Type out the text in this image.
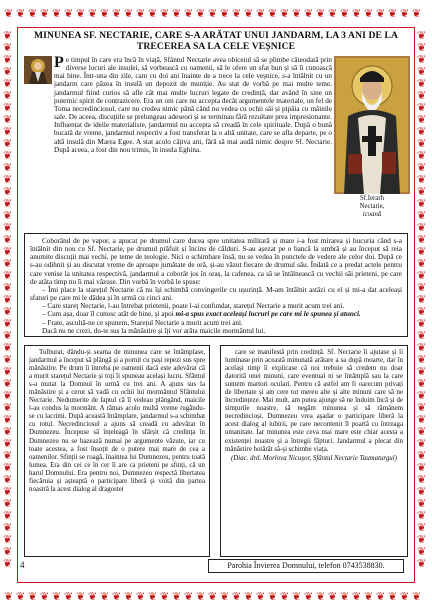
❦ ❦ ❦ ❦ ❦ ❦ ❦ ❦ ❦ ❦ ❦ ❦ ❦ ❦ ❦ ❦ ❦ ❦ ❦ ❦ ❦ ❦ ❦ ❦ ❦ ❦ ❦ ❦ ❦ ❦ ❦ ❦ ❦ ❦ ❦
❦ ❦ ❦ ❦ ❦ ❦ ❦ ❦ ❦ ❦ ❦ ❦ ❦ ❦ ❦ ❦ ❦ ❦ ❦ ❦ ❦ ❦ ❦ ❦ ❦ ❦ ❦ ❦ ❦ ❦ ❦ ❦ ❦ ❦ ❦
❦
❦
❦
❦
❦
❦
❦
❦
❦
❦
❦
❦
❦
❦
❦
❦
❦
❦
❦
❦
❦
❦
❦
❦
❦
❦
❦
❦
❦
❦
❦
❦
❦
❦
❦
❦
❦
❦
❦
❦
❦
❦
❦
❦
❦
❦
❦
❦
❦
❦
❦
❦
❦
❦
❦
❦
❦
❦
❦
❦
❦
❦
❦
❦
❦
❦
❦
❦
❦
❦
❦
❦
❦
❦
❦
❦
❦
❦
❦
❦
❦
❦
❦
❦
❦
❦
❦
❦
❦
❦
MINUNEA SF. NECTARIE, CARE S-A ARĂTAT UNUI JANDARM, LA 3 ANI DE LA TRECEREA SA LA CELE VEȘNICE

Pe timpul în care era încă în viață, Sfântul Nectarie avea obiceiul să se plimbe câteodată prin diverse locuri ale insulei, să vorbească cu oamenii, să le ofere un sfat bun și să îi cunoască mai bine. Într-una din zile, cam cu doi ani înainte de a trece la cele veșnice, s-a întâlnit cu un jandarm care păzea în insulă un depozit de muniție. Au stat de vorbă pe mai multe teme, jandarmul fiind curios să afle cât mai multe lucruri legate de credință, dar având în sine un puternic spirit de contrazicere. Era un om care nu accepta decât argumentele materiale, un fel de Toma necredinciosul, care nu credea nimic până când nu vedea cu ochii săi și pipăia cu mâinile sale. De aceea, discuțiile se prelungeau adeseori și se terminau fără rezultate prea impresionante. Influențat de ideile materialiste, jandarmul nu accepta să creadă în cele spirituale. După o bună bucată de vreme, jandarmul respectiv a fost transferat la o altă unitate, care se afla departe, pe o altă insulă din Marea Egee. A stat acolo câțiva ani, fără să mai audă nimic despre Sf. Nectarie. După aceea, a fost din nou trimis, în insula Eghina.

Sf.Ierarh
Nectarie,
icoană

Coborând de pe vapor, a apucat pe drumul care ducea spre unitatea militară și mare i-a fost mirarea și bucuria când s-a întâlnit din nou cu Sf. Nectarie, pe drumul prăfuit și încins de călduri. S-au așezat pe o bancă la umbră și au început să reia anumite discuții mai vechi, pe teme de teologie. Nici o schimbare însă, nu se vedea în punctele de vedere ale celor doi. După ce s-au odihnit și au discutat vreme de aproape jumătate de oră, și-au văzut fiecare de drumul său. Îndată ce a predat actele pentru care venise la unitatea respectivă, jandarmul a coborât jos în oraș, la cafenea, ca să se întâlnească cu vechii săi prieteni, pe care de atâta timp nu îi mai văzuse. Din vorbă în vorbă le spuse:

– Îmi place la starețul Nectarie că nu își schimbă convingerile cu ușurință. M-am întâlnit astăzi cu el și mi-a dat aceleași sfaturi pe care mi le dădea și în urmă cu cinci ani.

– Care stareț Nectarie, l-au întrebat prietenii, poate l-ai confundat, starețul Nectarie a murit acum trei ani.

– Cum așa, doar îl cunosc atât de bine, și apoi mi-a spus exact aceleași lucruri pe care mi le spunea și atunci.

– Frate, ascultă-ne ce spunem, Starețul Nectarie a murit acum trei ani.

Dacă nu ne crezi, du-te sus la mănăstire și îți vor arăta maicile mormântul lui.

Tulburat, dându-și seama de minunea care se întâmplase, jandarmul a început să plângă și a pornit cu pași repezi sus spre mănăstire. Pe drum îi întreba pe oamenii dacă este adevărat că a murit starețul Nectarie și toți îi spuneau același lucru. Sfântul s-a mutat la Domnul în urmă cu trei ani. A ajuns sus la mănăstire și a cerut să vadă cu ochii lui mormântul Sfântului Nectarie. Nedumerite de faptul că îl vedeau plângând, maicile l-au condus la mormânt. A rămas acolo multă vreme rugându-se cu lacrimi. După această întâmplare, jandarmul s-a schimbat cu totul. Necredinciosul a ajuns să creadă cu adevărat în Dumnezeu. Începuse să înțeleagă în sfârșit că credința în Dumnezeu nu se bazează numai pe argumente văzute, iar cu toate acestea, a fost însoțit de o putere mai mare de cea a oamenilor. Sfinții se roagă, înaintea lui Dumnezeu, pentru toată lumea. Era din cei ce în cer îi are ca prieteni pe sfinți, că un harul Domnului. Era pentru noi, Dumnezeu respectă libertatea fiecăruia și așteaptă o participare liberă și voită din partea noastră la acest dialog al dragostei

care se manifestă prin credință. Sf. Nectarie îi ajutase și îi luminase prin această minunată arătare a sa după moarte, dar în același timp îi explicase că noi trebuie să credem nu doar datorită unei minuni, care eventual ni se întâmplă sau la care suntem martori oculari. Pentru că astfel am fi oarecum privați de libertate și am cere tot mereu alte și alte minuni care să ne încredințeze. Mai mult, am putea ajunge să ne îndoim încă și de simțurile noastre, să negăm minunea și să rămânem necredincioși. Dumnezeu vrea așadar o participare liberă la acest dialog al iubirii, pe care necontenit îl poartă cu întreaga umanitate. Iar minunea este ceva mai mare este chiar acesta a existenței noastre și a întregii făpturi. Jandarmul a plecat din mănăstire hotărât să-și schimbe viața.

(Diac. drd. Morlova Nicușor, Sfântul Nectarie Taumaturgul)
4	Parohia Învierea Domnului, telefon 0743538830.
